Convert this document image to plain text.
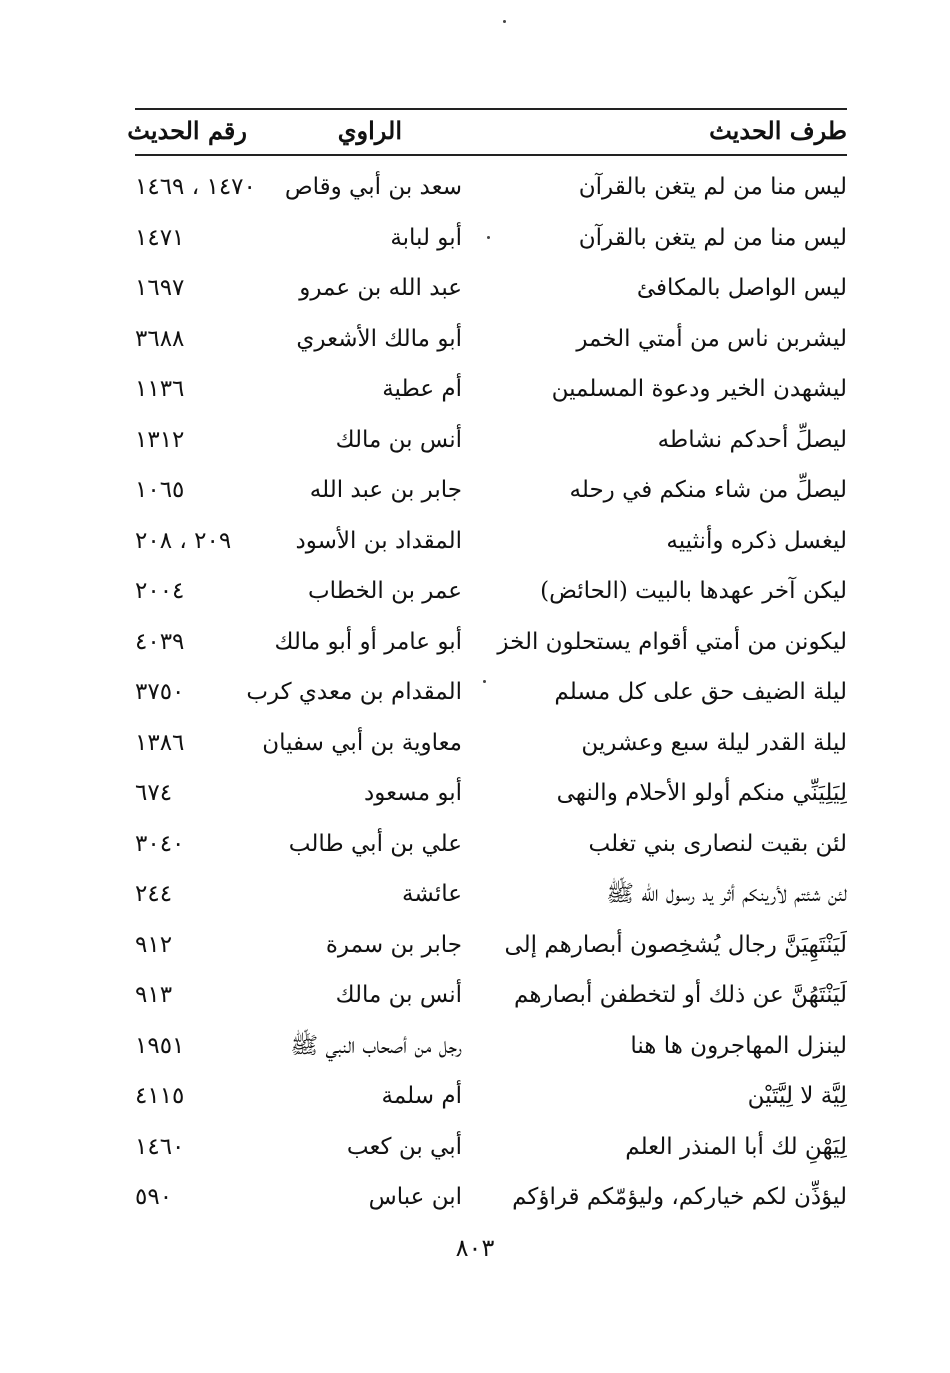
طرف الحديث
الراوي
رقم الحديث
ليس منا من لم يتغن بالقرآن
سعد بن أبي وقاص
١٤٧٠ ، ١٤٦٩
ليس منا من لم يتغن بالقرآن
أبو لبابة
١٤٧١
ليس الواصل بالمكافئ
عبد الله بن عمرو
١٦٩٧
ليشربن ناس من أمتي الخمر
أبو مالك الأشعري
٣٦٨٨
ليشهدن الخير ودعوة المسلمين
أم عطية
١١٣٦
ليصلِّ أحدكم نشاطه
أنس بن مالك
١٣١٢
ليصلِّ من شاء منكم في رحله
جابر بن عبد الله
١٠٦٥
ليغسل ذكره وأنثييه
المقداد بن الأسود
٢٠٩ ، ٢٠٨
ليكن آخر عهدها بالبيت (الحائض)
عمر بن الخطاب
٢٠٠٤
ليكونن من أمتي أقوام يستحلون الخز
أبو عامر أو أبو مالك
٤٠٣٩
ليلة الضيف حق على كل مسلم
المقدام بن معدي كرب
٣٧٥٠
ليلة القدر ليلة سبع وعشرين
معاوية بن أبي سفيان
١٣٨٦
لِيَلِيَنِّي منكم أولو الأحلام والنهى
أبو مسعود
٦٧٤
لئن بقيت لنصارى بني تغلب
علي بن أبي طالب
٣٠٤٠
لئن شئتم لأرينكم أثر يد رسول الله ﷺ
عائشة
٢٤٤
لَيَنْتَهِيَنَّ رجال يُشخِصون أبصارهم إلى
جابر بن سمرة
٩١٢
لَيَنْتَهُنَّ عن ذلك أو لتخطفن أبصارهم
أنس بن مالك
٩١٣
لينزل المهاجرون ها هنا
رجل من أصحاب النبي ﷺ
١٩٥١
لِيَّة لا لِيَّتَيْن
أم سلمة
٤١١٥
لِيَهْنِ لك أبا المنذر العلم
أبي بن كعب
١٤٦٠
ليؤذِّن لكم خياركم، وليؤمّكم قراؤكم
ابن عباس
٥٩٠
٨٠٣
